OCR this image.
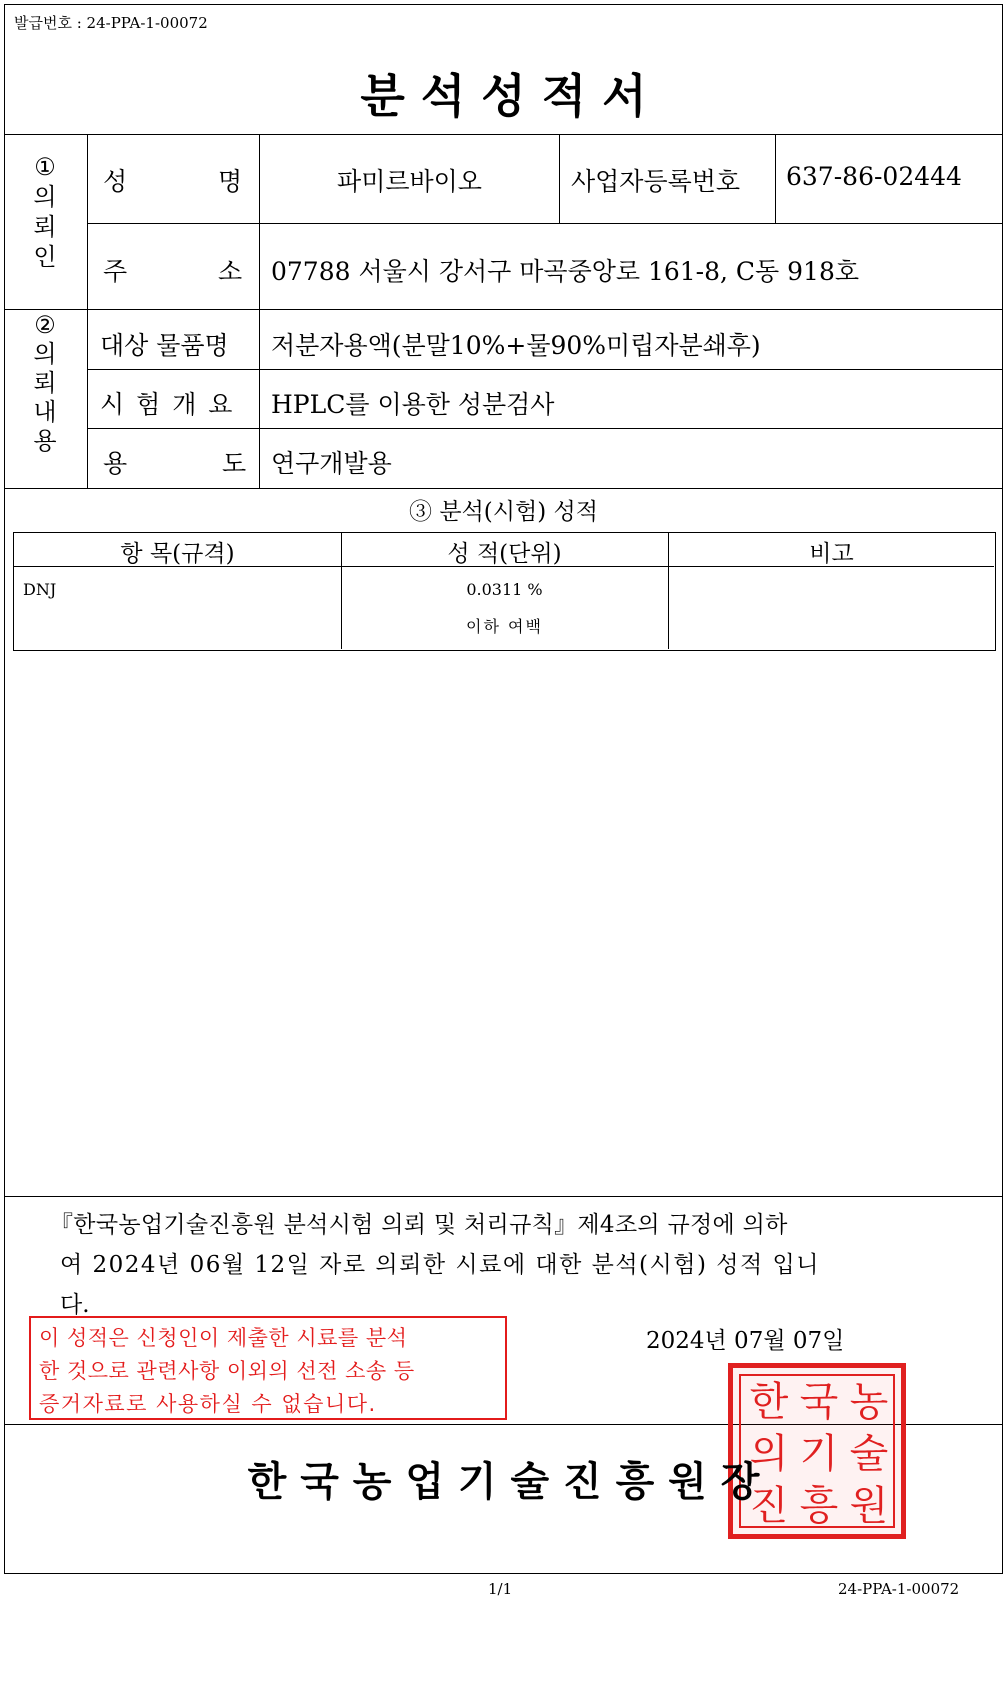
발급번호 : 24-PPA-1-00072
분 석 성 적 서
①
의
뢰
인
성	명	파미르바이오	사업자등록번호 637-86-02444
주	소 07788 서울시 강서구 마곡중앙로 161-8, C동 918호
②
의
뢰
내
용
대상 물품명 저분자용액(분말10%+물90%미립자분쇄후)
시 험 개 요 HPLC를 이용한 성분검사
용	도 연구개발용
③ 분석(시험) 성적
항 목(규격)	성 적(단위)	비고
DNJ	0.0311 %
이하 여백
『한국농업기술진흥원 분석시험 의뢰 및 처리규칙』제4조의 규정에 의하
여 2024년 06월 12일 자로 의뢰한 시료에 대한 분석(시험) 성적 입니
다.
이 성적은 신청인이 제출한 시료를 분석
한 것으로 관련사항 이외의 선전 소송 등
증거자료로 사용하실 수 없습니다.
2024년 07월 07일
한
의
진
국
기
흥
농
술
원
한 국 농 업 기 술 진 흥 원 장
1/1	24-PPA-1-00072
